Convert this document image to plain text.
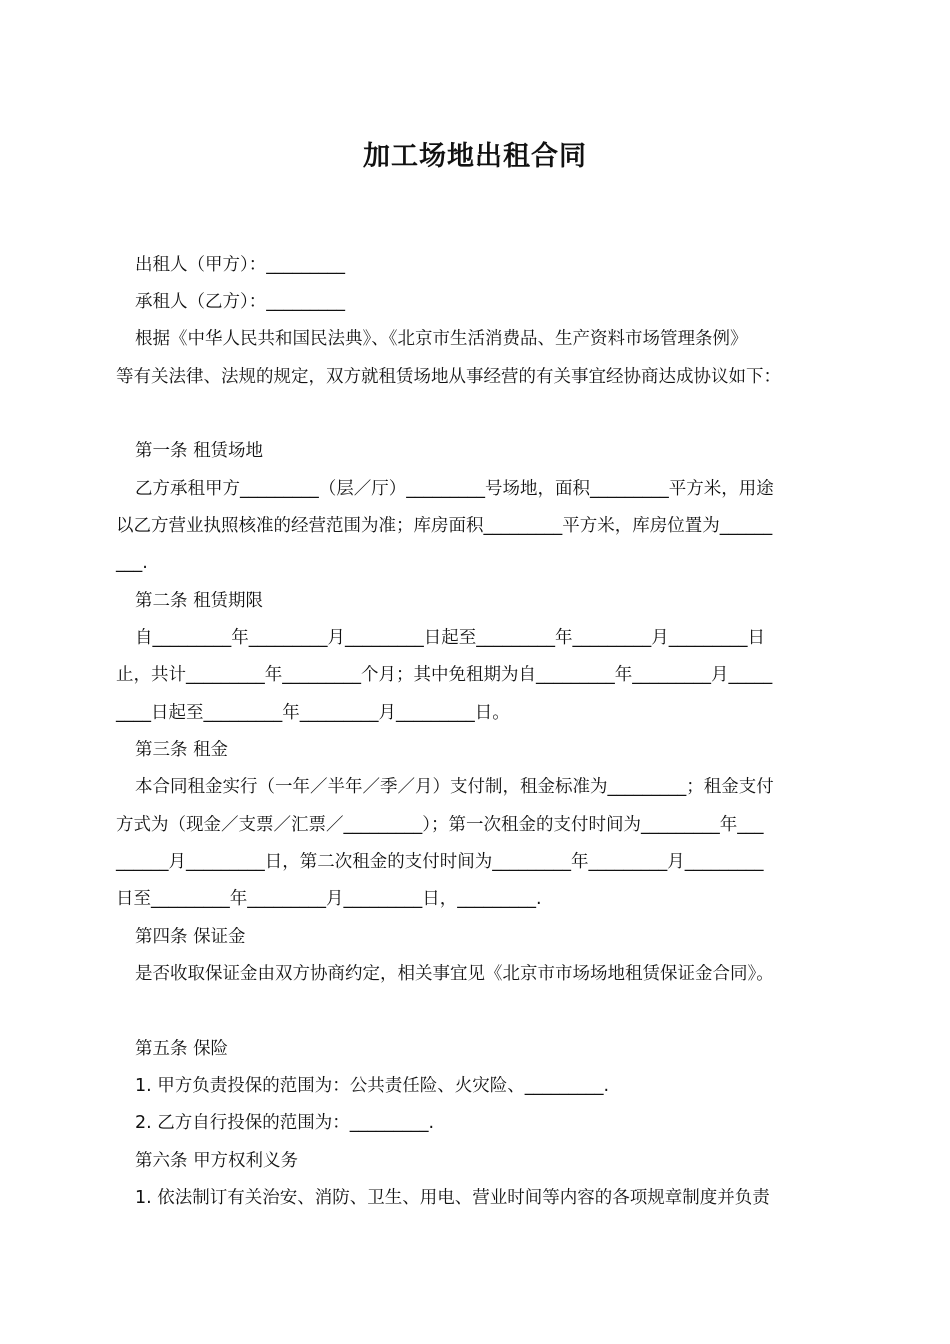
加工场地出租合同
出租人（甲方）：_________
承租人（乙方）：_________
根据《中华人民共和国民法典》、《北京市生活消费品、生产资料市场管理条例》
等有关法律、法规的规定，双方就租赁场地从事经营的有关事宜经协商达成协议如下：
第一条 租赁场地
乙方承租甲方_________（层／厅）_________号场地，面积_________平方米，用途
以乙方营业执照核准的经营范围为准；库房面积_________平方米，库房位置为______
___.
第二条 租赁期限
自_________年_________月_________日起至_________年_________月_________日
止，共计_________年_________个月；其中免租期为自_________年_________月_____
____日起至_________年_________月_________日。
第三条 租金
本合同租金实行（一年／半年／季／月）支付制，租金标准为_________；租金支付
方式为（现金／支票／汇票／_________）；第一次租金的支付时间为_________年___
______月_________日，第二次租金的支付时间为_________年_________月_________
日至_________年_________月_________日，_________.
第四条 保证金
是否收取保证金由双方协商约定，相关事宜见《北京市市场场地租赁保证金合同》。
第五条 保险
1. 甲方负责投保的范围为：公共责任险、火灾险、_________.
2. 乙方自行投保的范围为：_________.
第六条 甲方权利义务
1. 依法制订有关治安、消防、卫生、用电、营业时间等内容的各项规章制度并负责
